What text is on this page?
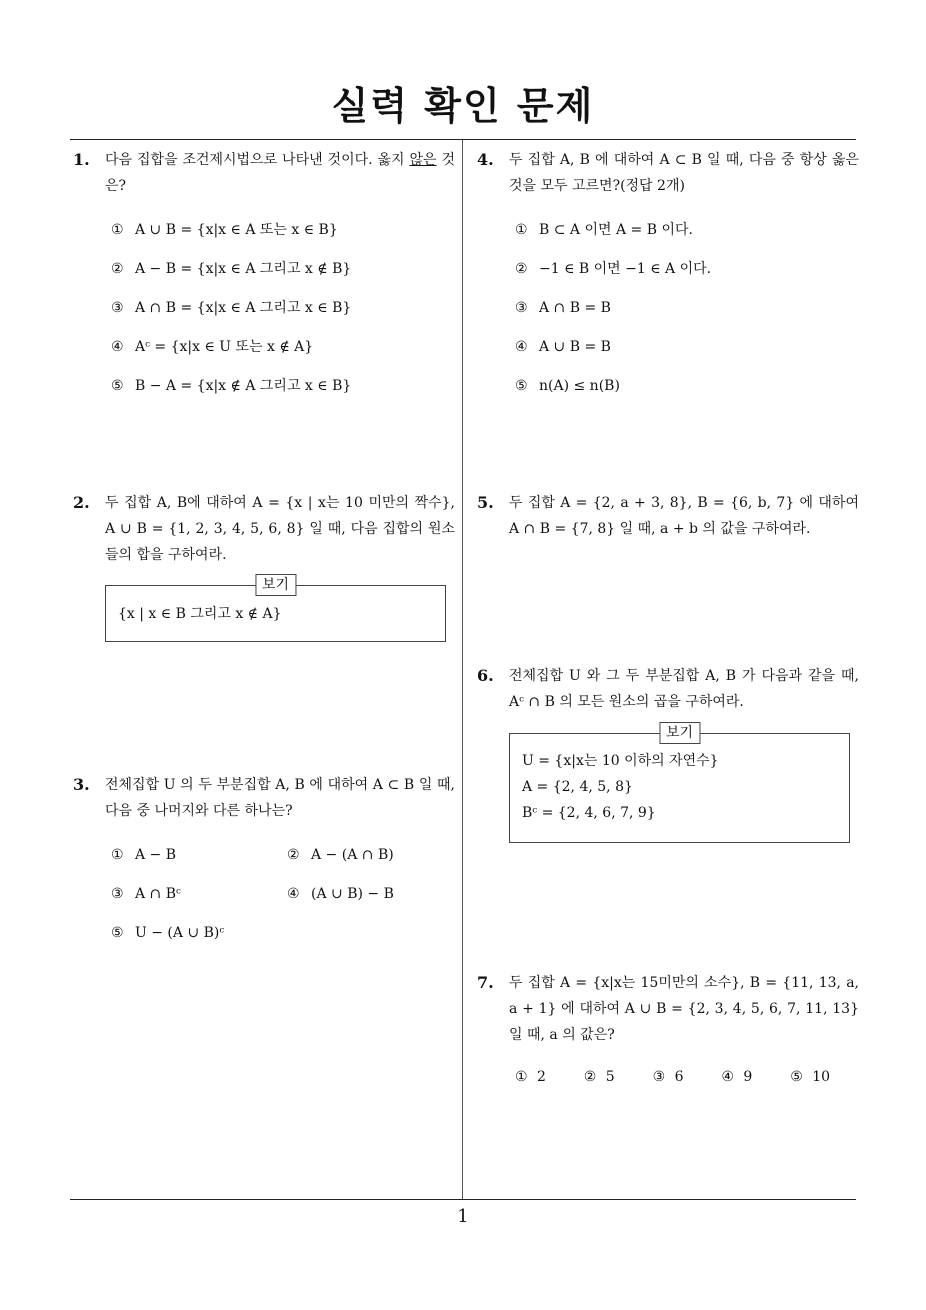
실력 확인 문제
1
1. 다음 집합을 조건제시법으로 나타낸 것이다. 옳지 않은 것은?
① A ∪ B = {x|x ∈ A 또는 x ∈ B}
② A − B = {x|x ∈ A 그리고 x ∉ B}
③ A ∩ B = {x|x ∈ A 그리고 x ∈ B}
④ Aᶜ = {x|x ∈ U 또는 x ∉ A}
⑤ B − A = {x|x ∉ A 그리고 x ∈ B}
2. 두 집합 A, B에 대하여 A = {x | x는 10 미만의 짝수}, A ∪ B = {1, 2, 3, 4, 5, 6, 8} 일 때, 다음 집합의 원소들의 합을 구하여라.
보기
{x | x ∈ B 그리고 x ∉ A}
3. 전체집합 U 의 두 부분집합 A, B 에 대하여 A ⊂ B 일 때, 다음 중 나머지와 다른 하나는?
① A − B	② A − (A ∩ B)
③ A ∩ Bᶜ	④ (A ∪ B) − B
⑤ U − (A ∪ B)ᶜ
4. 두 집합 A, B 에 대하여 A ⊂ B 일 때, 다음 중 항상 옳은 것을 모두 고르면?(정답 2개)
① B ⊂ A 이면 A = B 이다.
② −1 ∈ B 이면 −1 ∈ A 이다.
③ A ∩ B = B
④ A ∪ B = B
⑤ n(A) ≤ n(B)
5. 두 집합 A = {2, a + 3, 8}, B = {6, b, 7} 에 대하여 A ∩ B = {7, 8} 일 때, a + b 의 값을 구하여라.
6. 전체집합 U 와 그 두 부분집합 A, B 가 다음과 같을 때, Aᶜ ∩ B 의 모든 원소의 곱을 구하여라.
보기
U = {x|x는 10 이하의 자연수}
A = {2, 4, 5, 8}
Bᶜ = {2, 4, 6, 7, 9}
7. 두 집합 A = {x|x는 15미만의 소수}, B = {11, 13, a, a + 1} 에 대하여 A ∪ B = {2, 3, 4, 5, 6, 7, 11, 13} 일 때, a 의 값은?
① 2	② 5	③ 6	④ 9	⑤ 10
